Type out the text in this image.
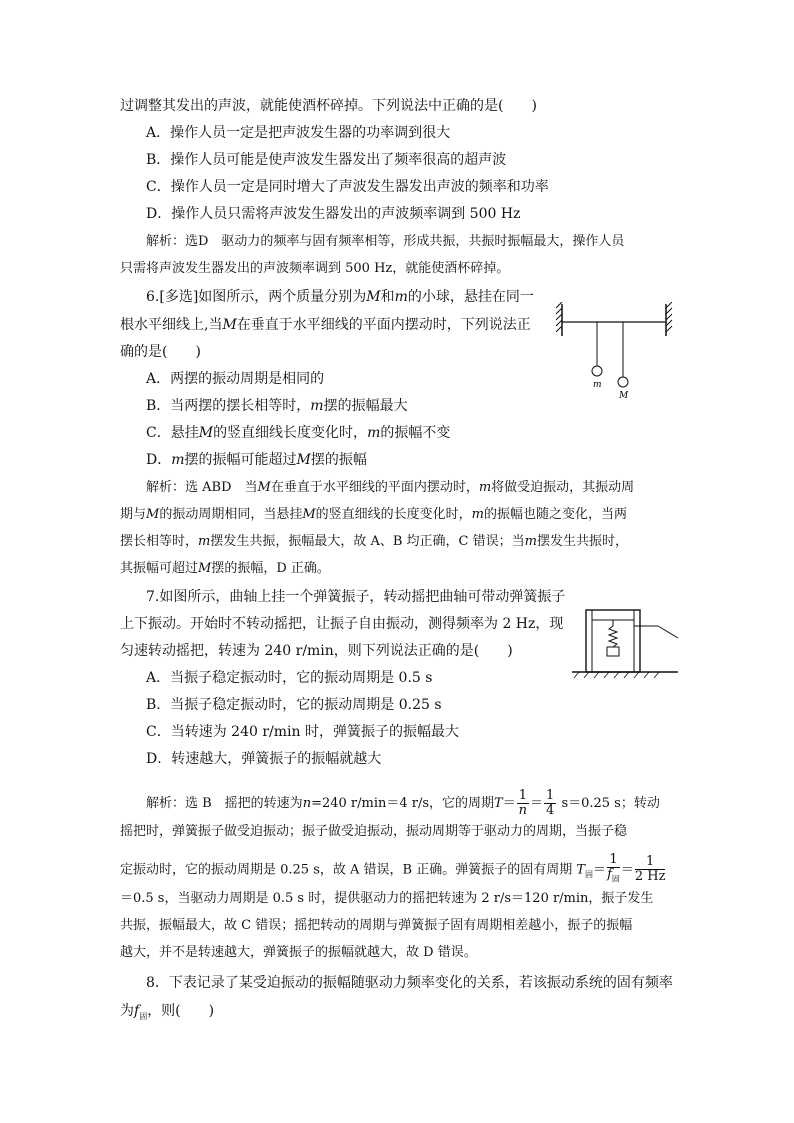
过调整其发出的声波，就能使酒杯碎掉。下列说法中正确的是(　　)
A．操作人员一定是把声波发生器的功率调到很大
B．操作人员可能是使声波发生器发出了频率很高的超声波
C．操作人员一定是同时增大了声波发生器发出声波的频率和功率
D．操作人员只需将声波发生器发出的声波频率调到 500 Hz
解析：选D　驱动力的频率与固有频率相等，形成共振，共振时振幅最大，操作人员
只需将声波发生器发出的声波频率调到 500 Hz，就能使酒杯碎掉。
6.[多选]如图所示，两个质量分别为M和m的小球，悬挂在同一
根水平细线上,当M在垂直于水平细线的平面内摆动时，下列说法正
确的是(　　)
A．两摆的振动周期是相同的
B．当两摆的摆长相等时，m摆的振幅最大
C．悬挂M的竖直细线长度变化时，m的振幅不变
D．m摆的振幅可能超过M摆的振幅
解析：选 ABD　当M在垂直于水平细线的平面内摆动时，m将做受迫振动，其振动周
期与M的振动周期相同，当悬挂M的竖直细线的长度变化时，m的振幅也随之变化，当两
摆长相等时，m摆发生共振，振幅最大，故 A、B 均正确，C 错误；当m摆发生共振时，
其振幅可超过M摆的振幅，D 正确。
m
M
7.如图所示，曲轴上挂一个弹簧振子，转动摇把曲轴可带动弹簧振子
上下振动。开始时不转动摇把，让振子自由振动，测得频率为 2 Hz，现
匀速转动摇把，转速为 240 r/min，则下列说法正确的是(　　)
A．当振子稳定振动时，它的振动周期是 0.5 s
B．当振子稳定振动时，它的振动周期是 0.25 s
C．当转速为 240 r/min 时，弹簧振子的振幅最大
D．转速越大，弹簧振子的振幅就越大
解析：选 B　摇把的转速为n=240 r/min＝4 r/s，它的周期$T= \frac{1}{n} = \frac{1}{4} s=0.25$ s；转动
摇把时，弹簧振子做受迫振动；振子做受迫振动，振动周期等于驱动力的周期，当振子稳
定振动时，它的振动周期是 0.25 s，故 A 错误，B 正确。弹簧振子的固有周期 $T_固= \frac{1}{f_固} = \frac{1}{2 Hz}$
＝0.5 s，当驱动力周期是 0.5 s 时，提供驱动力的摇把转速为 2 r/s＝120 r/min，振子发生
共振，振幅最大，故 C 错误；摇把转动的周期与弹簧振子固有周期相差越小，振子的振幅
越大，并不是转速越大，弹簧振子的振幅就越大，故 D 错误。
8．下表记录了某受迫振动的振幅随驱动力频率变化的关系，若该振动系统的固有频率
为$f_固$，则(　　)
